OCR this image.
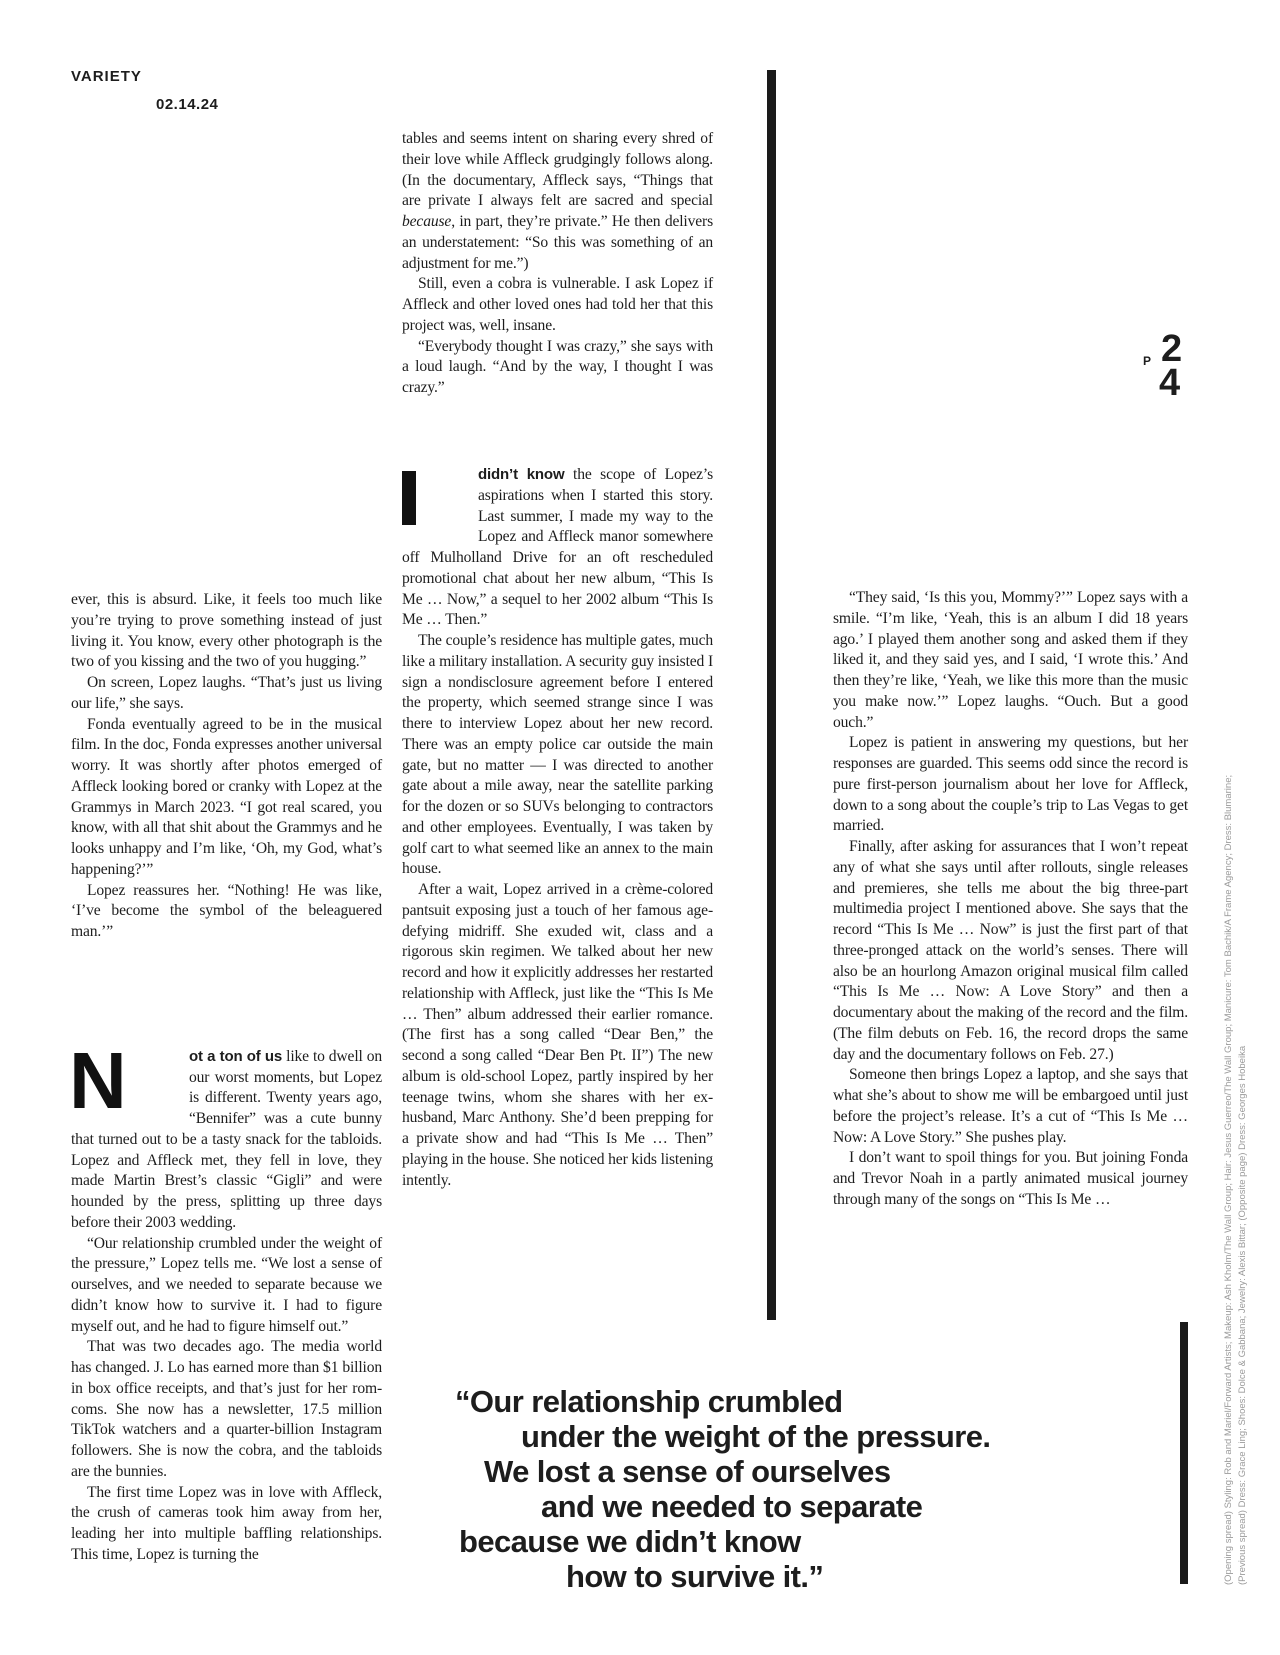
VARIETY
02.14.24
P 2
4

tables and seems intent on sharing every shred of their love while Affleck grudgingly follows along. (In the documentary, Affleck says, “Things that are private I always felt are sacred and special because, in part, they’re private.” He then delivers an understatement: “So this was something of an adjustment for me.”)

Still, even a cobra is vulnerable. I ask Lopez if Affleck and other loved ones had told her that this project was, well, insane.

“Everybody thought I was crazy,” she says with a loud laugh. “And by the way, I thought I was crazy.”

didn’t know the scope of Lopez’s aspirations when I started this story. Last summer, I made my way to the Lopez and Affleck manor somewhere off Mulholland Drive for an oft rescheduled promotional chat about her new album, “This Is Me … Now,” a sequel to her 2002 album “This Is Me … Then.”

The couple’s residence has multiple gates, much like a military installation. A security guy insisted I sign a nondisclosure agreement before I entered the property, which seemed strange since I was there to interview Lopez about her new record. There was an empty police car outside the main gate, but no matter — I was directed to another gate about a mile away, near the satellite parking for the dozen or so SUVs belonging to contractors and other employees. Eventually, I was taken by golf cart to what seemed like an annex to the main house.

After a wait, Lopez arrived in a crème-colored pantsuit exposing just a touch of her famous age-defying midriff. She exuded wit, class and a rigorous skin regimen. We talked about her new record and how it explicitly addresses her restarted relationship with Affleck, just like the “This Is Me … Then” album addressed their earlier romance. (The first has a song called “Dear Ben,” the second a song called “Dear Ben Pt. II”) The new album is old-school Lopez, partly inspired by her teenage twins, whom she shares with her ex-husband, Marc Anthony. She’d been prepping for a private show and had “This Is Me … Then” playing in the house. She noticed her kids listening intently.

ever, this is absurd. Like, it feels too much like you’re trying to prove something instead of just living it. You know, every other photograph is the two of you kissing and the two of you hugging.”

On screen, Lopez laughs. “That’s just us living our life,” she says.

Fonda eventually agreed to be in the musical film. In the doc, Fonda expresses another universal worry. It was shortly after photos emerged of Affleck looking bored or cranky with Lopez at the Grammys in March 2023. “I got real scared, you know, with all that shit about the Grammys and he looks unhappy and I’m like, ‘Oh, my God, what’s happening?’”

Lopez reassures her. “Nothing! He was like, ‘I’ve become the symbol of the beleaguered man.’”

N	ot a ton of us like to dwell on our worst moments, but Lopez is different. Twenty years ago, “Bennifer” was a cute bunny that turned out to be a tasty snack for the tabloids. Lopez and Affleck met, they fell in love, they made Martin Brest’s classic “Gigli” and were hounded by the press, splitting up three days before their 2003 wedding.

“Our relationship crumbled under the weight of the pressure,” Lopez tells me. “We lost a sense of ourselves, and we needed to separate because we didn’t know how to survive it. I had to figure myself out, and he had to figure himself out.”

That was two decades ago. The media world has changed. J. Lo has earned more than $1 billion in box office receipts, and that’s just for her rom-coms. She now has a newsletter, 17.5 million TikTok watchers and a quarter-billion Instagram followers. She is now the cobra, and the tabloids are the bunnies.

The first time Lopez was in love with Affleck, the crush of cameras took him away from her, leading her into multiple baffling relationships. This time, Lopez is turning the

“They said, ‘Is this you, Mommy?’” Lopez says with a smile. “I’m like, ‘Yeah, this is an album I did 18 years ago.’ I played them another song and asked them if they liked it, and they said yes, and I said, ‘I wrote this.’ And then they’re like, ‘Yeah, we like this more than the music you make now.’” Lopez laughs. “Ouch. But a good ouch.”

Lopez is patient in answering my questions, but her responses are guarded. This seems odd since the record is pure first-person journalism about her love for Affleck, down to a song about the couple’s trip to Las Vegas to get married.

Finally, after asking for assurances that I won’t repeat any of what she says until after rollouts, single releases and premieres, she tells me about the big three-part multimedia project I mentioned above. She says that the record “This Is Me … Now” is just the first part of that three-pronged attack on the world’s senses. There will also be an hourlong Amazon original musical film called “This Is Me … Now: A Love Story” and then a documentary about the making of the record and the film. (The film debuts on Feb. 16, the record drops the same day and the documentary follows on Feb. 27.)

Someone then brings Lopez a laptop, and she says that what she’s about to show me will be embargoed until just before the project’s release. It’s a cut of “This Is Me … Now: A Love Story.” She pushes play.

I don’t want to spoil things for you. But joining Fonda and Trevor Noah in a partly animated musical journey through many of the songs on “This Is Me …

“Our relationship crumbled
under the weight of the pressure.
We lost a sense of ourselves
and we needed to separate
because we didn’t know
how to survive it.”	(Opening spread) Styling: Rob and Mariel/Forward Artists; Makeup: Ash Kholm/The Wall Group; Hair: Jesus Guerreo/The Wall Group; Manicure: Tom Bachik/A Frame Agency; Dress: Blumarine; (Previous spread) Dress: Grace Ling; Shoes: Dolce & Gabbana; Jewelry: Alexis Bittar; (Opposite page) Dress: Georges Hobeika
